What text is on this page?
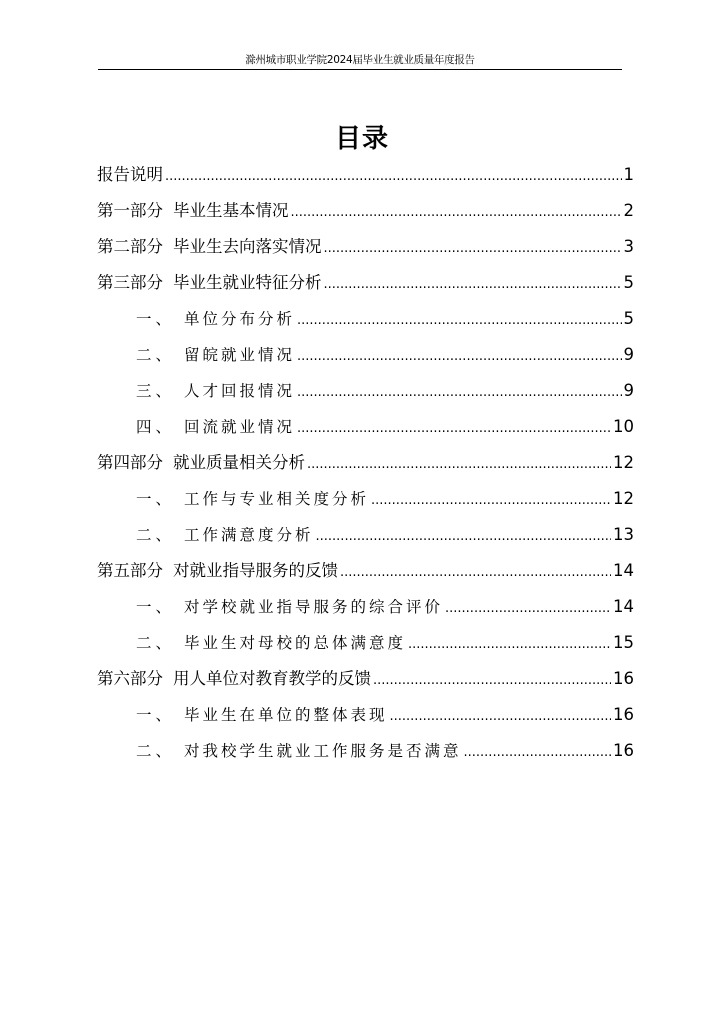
滁州城市职业学院2024届毕业生就业质量年度报告
目录
报告说明 .....	1
第一部分 毕业生基本情况 .....	2
第二部分 毕业生去向落实情况 .....	3
第三部分 毕业生就业特征分析 .....	5
一、 单位分布分析 .....	5
二、 留皖就业情况 .....	9
三、 人才回报情况 .....	9
四、 回流就业情况 .....	10
第四部分 就业质量相关分析 .....	12
一、 工作与专业相关度分析 .....	12
二、 工作满意度分析 .....	13
第五部分 对就业指导服务的反馈 .....	14
一、 对学校就业指导服务的综合评价 .....	14
二、 毕业生对母校的总体满意度 .....	15
第六部分 用人单位对教育教学的反馈 .....	16
一、 毕业生在单位的整体表现 .....	16
二、 对我校学生就业工作服务是否满意 .....	16
